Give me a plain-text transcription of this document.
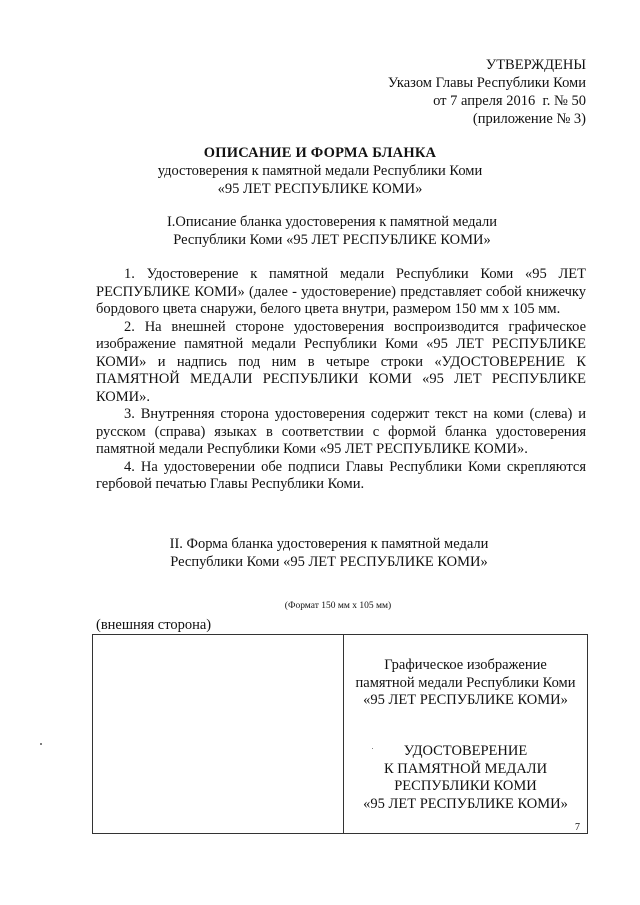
УТВЕРЖДЕНЫ
Указом Главы Республики Коми
от 7 апреля 2016  г. № 50
(приложение № 3)
ОПИСАНИЕ И ФОРМА БЛАНКА
удостоверения к памятной медали Республики Коми
«95 ЛЕТ РЕСПУБЛИКЕ КОМИ»
I.Описание бланка удостоверения к памятной медали
Республики Коми «95 ЛЕТ РЕСПУБЛИКЕ КОМИ»

1. Удостоверение к памятной медали Республики Коми «95 ЛЕТ РЕСПУБЛИКЕ КОМИ» (далее - удостоверение) представляет собой книжечку бордового цвета снаружи, белого цвета внутри, размером 150 мм х 105 мм.

2. На внешней стороне удостоверения воспроизводится графическое изображение памятной медали Республики Коми «95 ЛЕТ РЕСПУБЛИКЕ КОМИ» и надпись под ним в четыре строки «УДОСТОВЕРЕНИЕ К ПАМЯТНОЙ МЕДАЛИ РЕСПУБЛИКИ КОМИ «95 ЛЕТ РЕСПУБЛИКЕ КОМИ».

3. Внутренняя сторона удостоверения содержит текст на коми (слева) и русском (справа) языках в соответствии с формой бланка удостоверения памятной медали Республики Коми «95 ЛЕТ РЕСПУБЛИКЕ КОМИ».

4. На удостоверении обе подписи Главы Республики Коми скрепляются гербовой печатью Главы Республики Коми.

II. Форма бланка удостоверения к памятной медали
Республики Коми «95 ЛЕТ РЕСПУБЛИКЕ КОМИ»
(Формат 150 мм х 105 мм)
(внешняя сторона)
Графическое изображение
памятной медали Республики Коми
«95 ЛЕТ РЕСПУБЛИКЕ КОМИ»
УДОСТОВЕРЕНИЕ
К ПАМЯТНОЙ МЕДАЛИ
РЕСПУБЛИКИ КОМИ
«95 ЛЕТ РЕСПУБЛИКЕ КОМИ»
7
